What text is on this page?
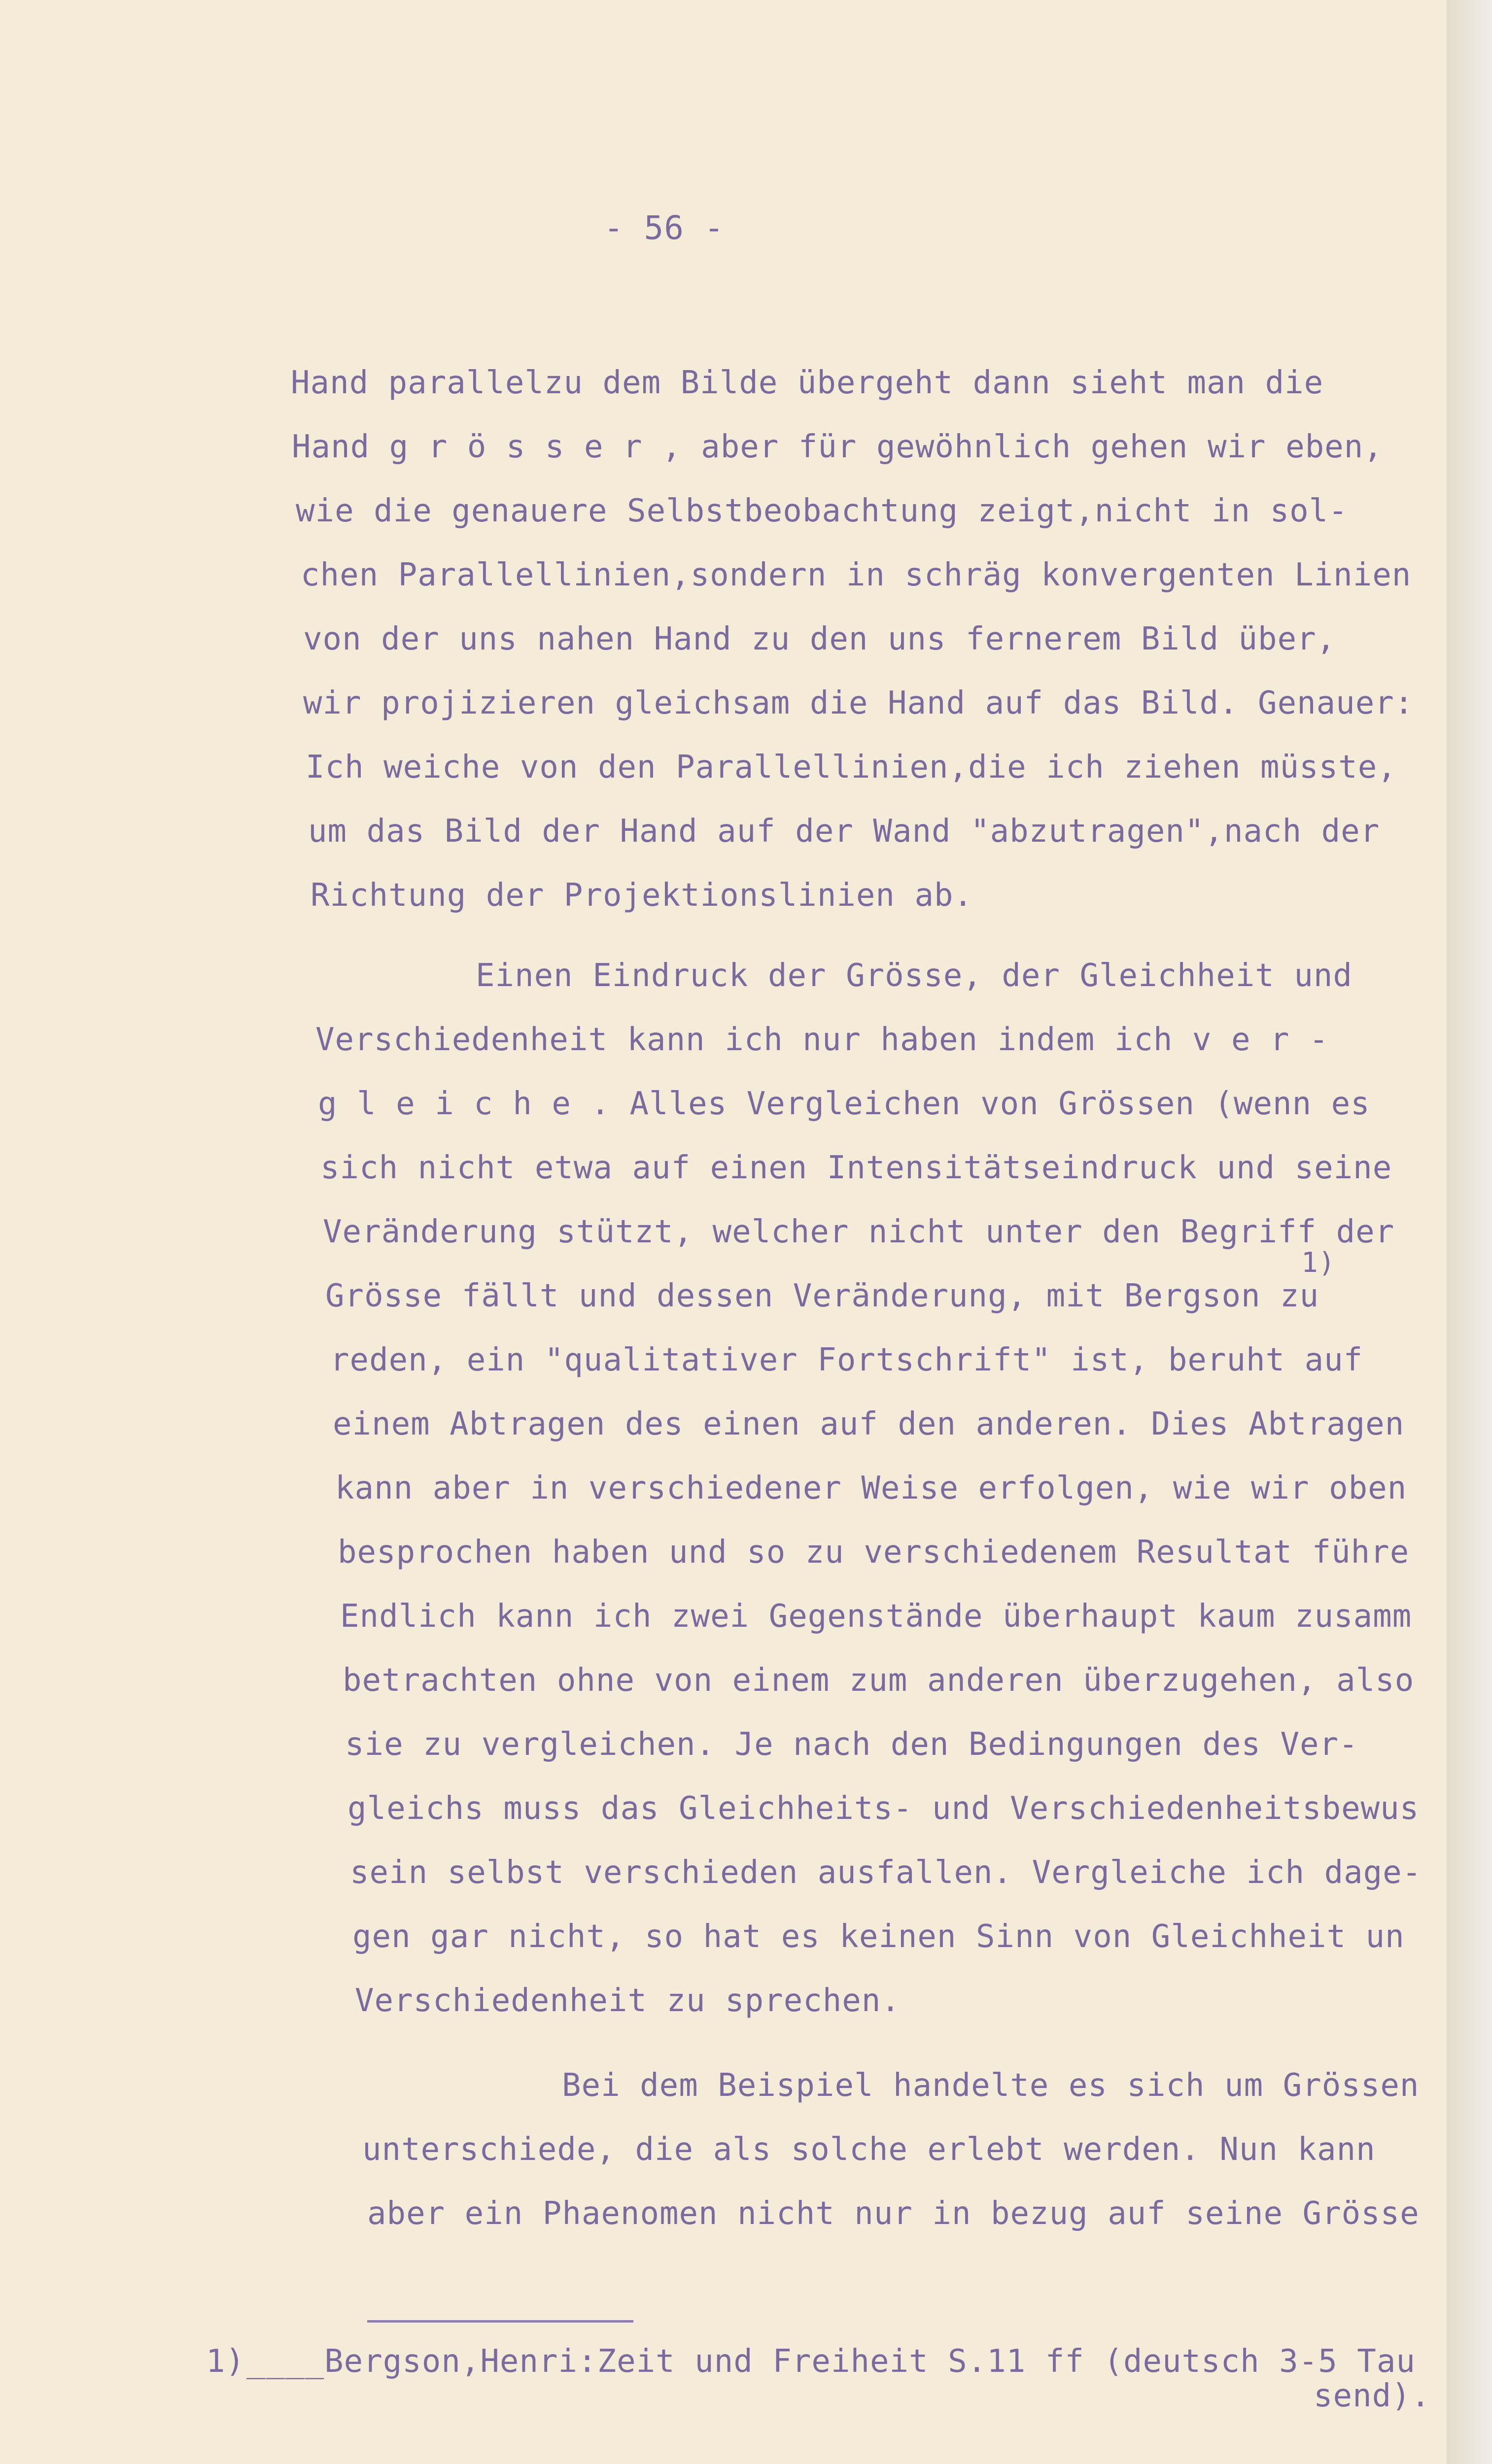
- 56 -
Hand parallelzu dem Bilde übergeht dann sieht man die
Hand g r ö s s e r , aber für gewöhnlich gehen wir eben,
wie die genauere Selbstbeobachtung zeigt,nicht in sol-
chen Parallellinien,sondern in schräg konvergenten Linien
von der uns nahen Hand zu den uns fernerem Bild über,
wir projizieren gleichsam die Hand auf das Bild. Genauer:
Ich weiche von den Parallellinien,die ich ziehen müsste,
um das Bild der Hand auf der Wand "abzutragen",nach der
Richtung der Projektionslinien ab.
Einen Eindruck der Grösse, der Gleichheit und
Verschiedenheit kann ich nur haben indem ich v e r -
g l e i c h e . Alles Vergleichen von Grössen (wenn es
sich nicht etwa auf einen Intensitätseindruck und seine
Veränderung stützt, welcher nicht unter den Begriff der
1)
Grösse fällt und dessen Veränderung, mit Bergson zu
reden, ein "qualitativer Fortschrift" ist, beruht auf
einem Abtragen des einen auf den anderen. Dies Abtragen
kann aber in verschiedener Weise erfolgen, wie wir oben
besprochen haben und so zu verschiedenem Resultat führe
Endlich kann ich zwei Gegenstände überhaupt kaum zusamm
betrachten ohne von einem zum anderen überzugehen, also
sie zu vergleichen. Je nach den Bedingungen des Ver-
gleichs muss das Gleichheits- und Verschiedenheitsbewus
sein selbst verschieden ausfallen. Vergleiche ich dage-
gen gar nicht, so hat es keinen Sinn von Gleichheit un
Verschiedenheit zu sprechen.
Bei dem Beispiel handelte es sich um Grössen
unterschiede, die als solche erlebt werden. Nun kann
aber ein Phaenomen nicht nur in bezug auf seine Grösse
____Bergson,Henri:Zeit und Freiheit S.11 ff (deutsch 3-5 Tau
1)
send).
